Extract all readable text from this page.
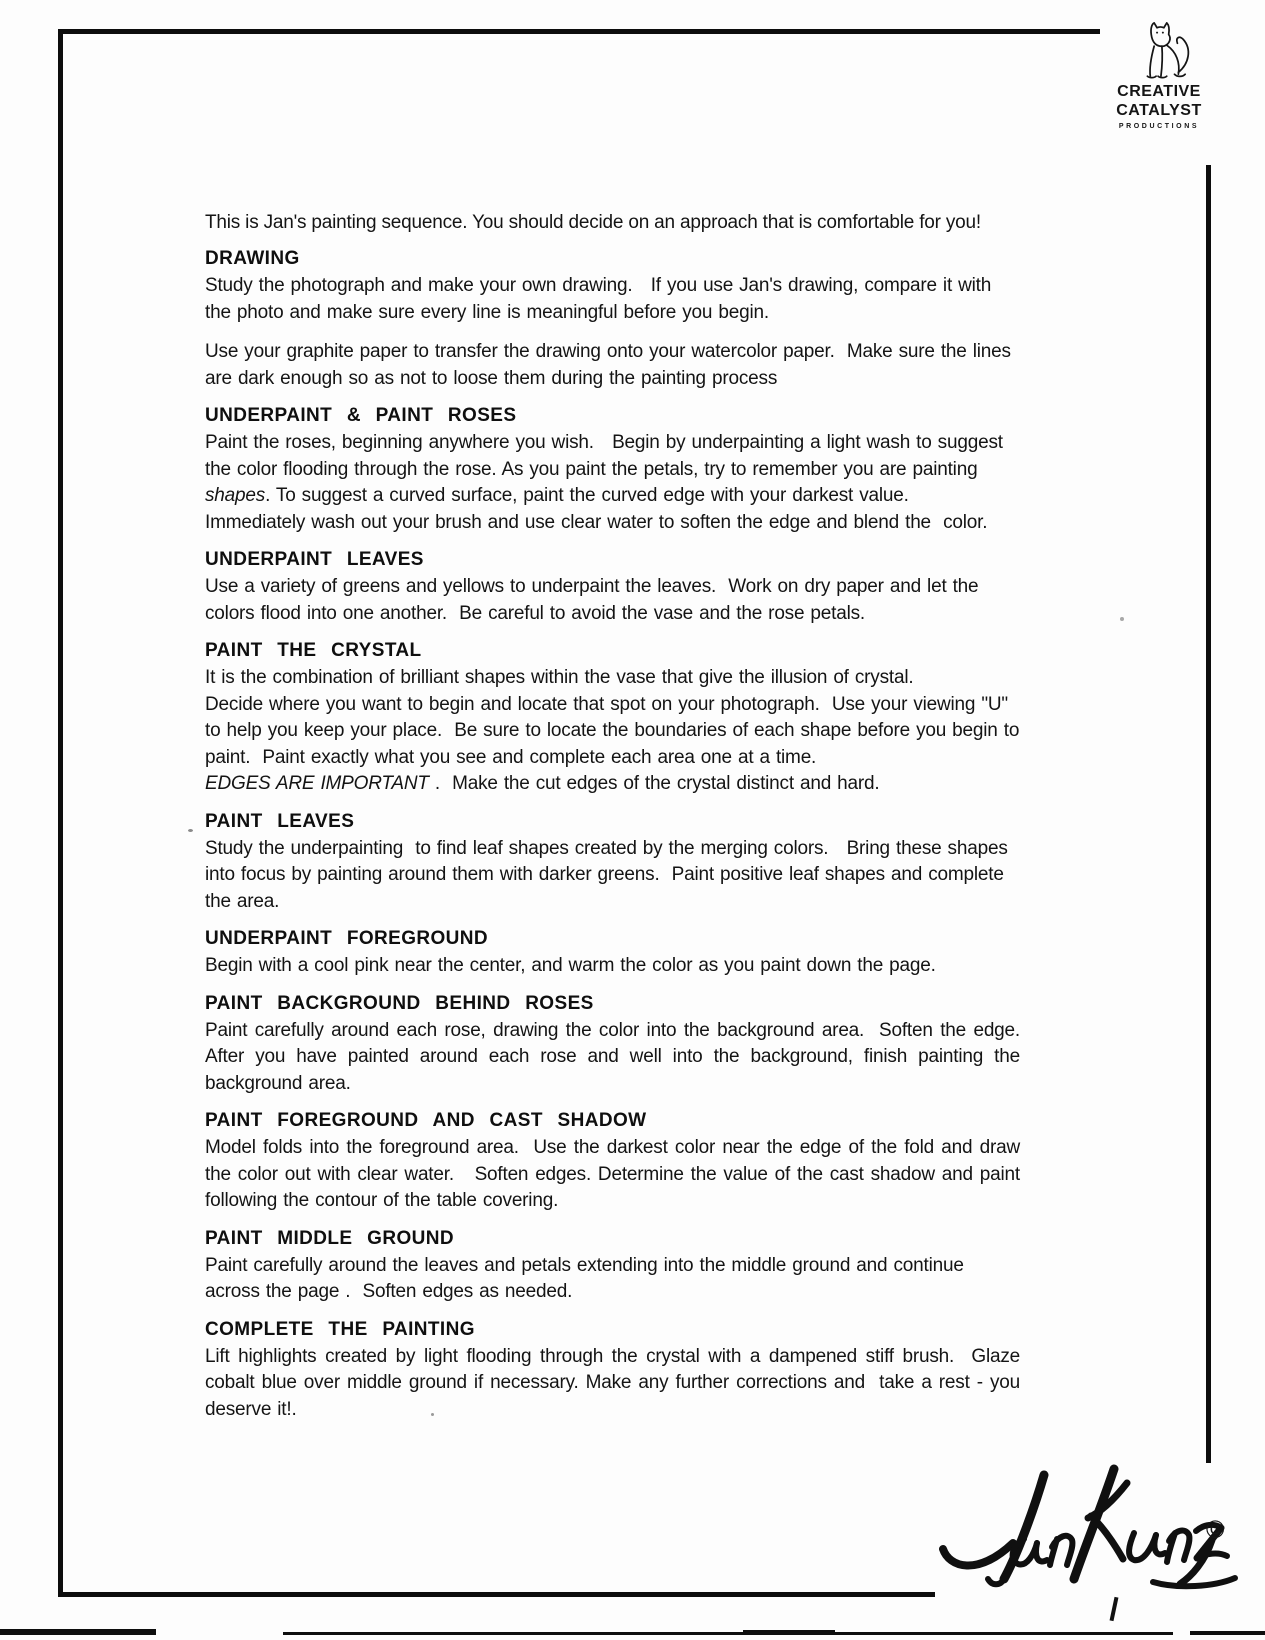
CREATIVE
CATALYST
PRODUCTIONS

This is Jan's painting sequence. You should decide on an approach that is comfortable for you!

DRAWING

Study the photograph and make your own drawing.   If you use Jan's drawing, compare it with the photo and make sure every line is meaningful before you begin.

Use your graphite paper to transfer the drawing onto your watercolor paper.  Make sure the lines are dark enough so as not to loose them during the painting process

UNDERPAINT & PAINT ROSES

Paint the roses, beginning anywhere you wish.   Begin by underpainting a light wash to suggest the color flooding through the rose. As you paint the petals, try to remember you are painting shapes. To suggest a curved surface, paint the curved edge with your darkest value.  Immediately wash out your brush and use clear water to soften the edge and blend the  color.

UNDERPAINT LEAVES

Use a variety of greens and yellows to underpaint the leaves.  Work on dry paper and let the colors flood into one another.  Be careful to avoid the vase and the rose petals.

PAINT THE CRYSTAL

It is the combination of brilliant shapes within the vase that give the illusion of crystal.

Decide where you want to begin and locate that spot on your photograph.  Use your viewing "U" to help you keep your place.  Be sure to locate the boundaries of each shape before you begin to paint.  Paint exactly what you see and complete each area one at a time.

EDGES ARE IMPORTANT .  Make the cut edges of the crystal distinct and hard.

PAINT LEAVES

Study the underpainting  to find leaf shapes created by the merging colors.   Bring these shapes into focus by painting around them with darker greens.  Paint positive leaf shapes and complete the area.

UNDERPAINT FOREGROUND

Begin with a cool pink near the center, and warm the color as you paint down the page.

PAINT BACKGROUND BEHIND ROSES

Paint carefully around each rose, drawing the color into the background area.  Soften the edge.  After you have painted around each rose and well into the background, finish painting the background area.

PAINT FOREGROUND AND CAST SHADOW

Model folds into the foreground area.  Use the darkest color near the edge of the fold and draw the color out with clear water.   Soften edges. Determine the value of the cast shadow and paint following the contour of the table covering.

PAINT MIDDLE GROUND

Paint carefully around the leaves and petals extending into the middle ground and continue across the page .  Soften edges as needed.

COMPLETE THE PAINTING

Lift highlights created by light flooding through the crystal with a dampened stiff brush.  Glaze cobalt blue over middle ground if necessary. Make any further corrections and  take a rest - you deserve it!.

©
